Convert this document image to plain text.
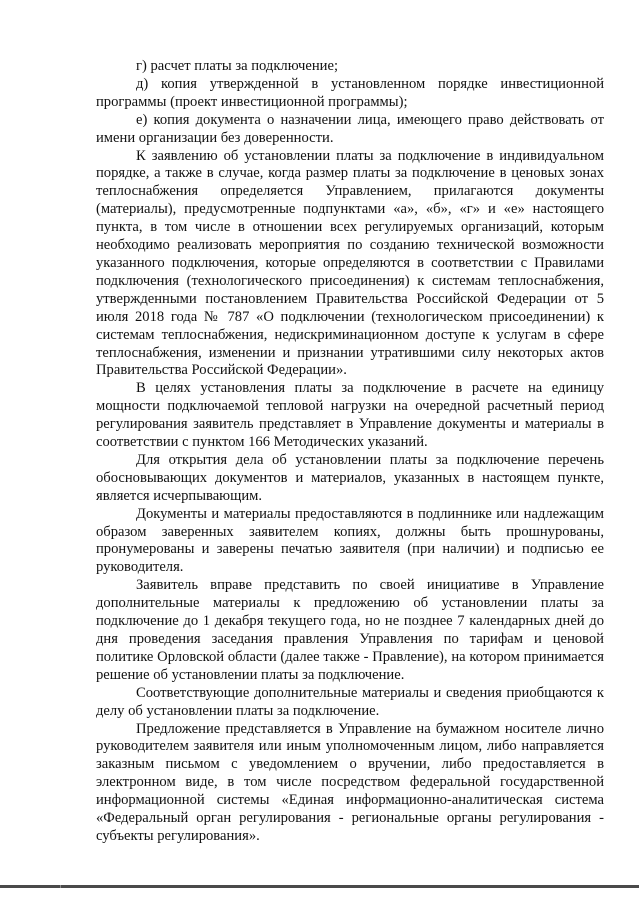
г) расчет платы за подключение;

д) копия утвержденной в установленном порядке инвестиционной программы (проект инвестиционной программы);

е) копия документа о назначении лица, имеющего право действовать от имени организации без доверенности.

К заявлению об установлении платы за подключение в индивидуальном порядке, а также в случае, когда размер платы за подключение в ценовых зонах теплоснабжения определяется Управлением, прилагаются документы (материалы), предусмотренные подпунктами «а», «б», «г» и «е» настоящего пункта, в том числе в отношении всех регулируемых организаций, которым необходимо реализовать мероприятия по созданию технической возможности указанного подключения, которые определяются в соответствии с Правилами подключения (технологического присоединения) к системам теплоснабжения, утвержденными постановлением Правительства Российской Федерации от 5 июля 2018 года № 787 «О подключении (технологическом присоединении) к системам теплоснабжения, недискриминационном доступе к услугам в сфере теплоснабжения, изменении и признании утратившими силу некоторых актов Правительства Российской Федерации».

В целях установления платы за подключение в расчете на единицу мощности подключаемой тепловой нагрузки на очередной расчетный период регулирования заявитель представляет в Управление документы и материалы в соответствии с пунктом 166 Методических указаний.

Для открытия дела об установлении платы за подключение перечень обосновывающих документов и материалов, указанных в настоящем пункте, является исчерпывающим.

Документы и материалы предоставляются в подлиннике или надлежащим образом заверенных заявителем копиях, должны быть прошнурованы, пронумерованы и заверены печатью заявителя (при наличии) и подписью ее руководителя.

Заявитель вправе представить по своей инициативе в Управление дополнительные материалы к предложению об установлении платы за подключение до 1 декабря текущего года, но не позднее 7 календарных дней до дня проведения заседания правления Управления по тарифам и ценовой политике Орловской области (далее также - Правление), на котором принимается решение об установлении платы за подключение.

Соответствующие дополнительные материалы и сведения приобщаются к делу об установлении платы за подключение.

Предложение представляется в Управление на бумажном носителе лично руководителем заявителя или иным уполномоченным лицом, либо направляется заказным письмом с уведомлением о вручении, либо предоставляется в электронном виде, в том числе посредством федеральной государственной информационной системы «Единая информационно-аналитическая система «Федеральный орган регулирования - региональные органы регулирования - субъекты регулирования».
